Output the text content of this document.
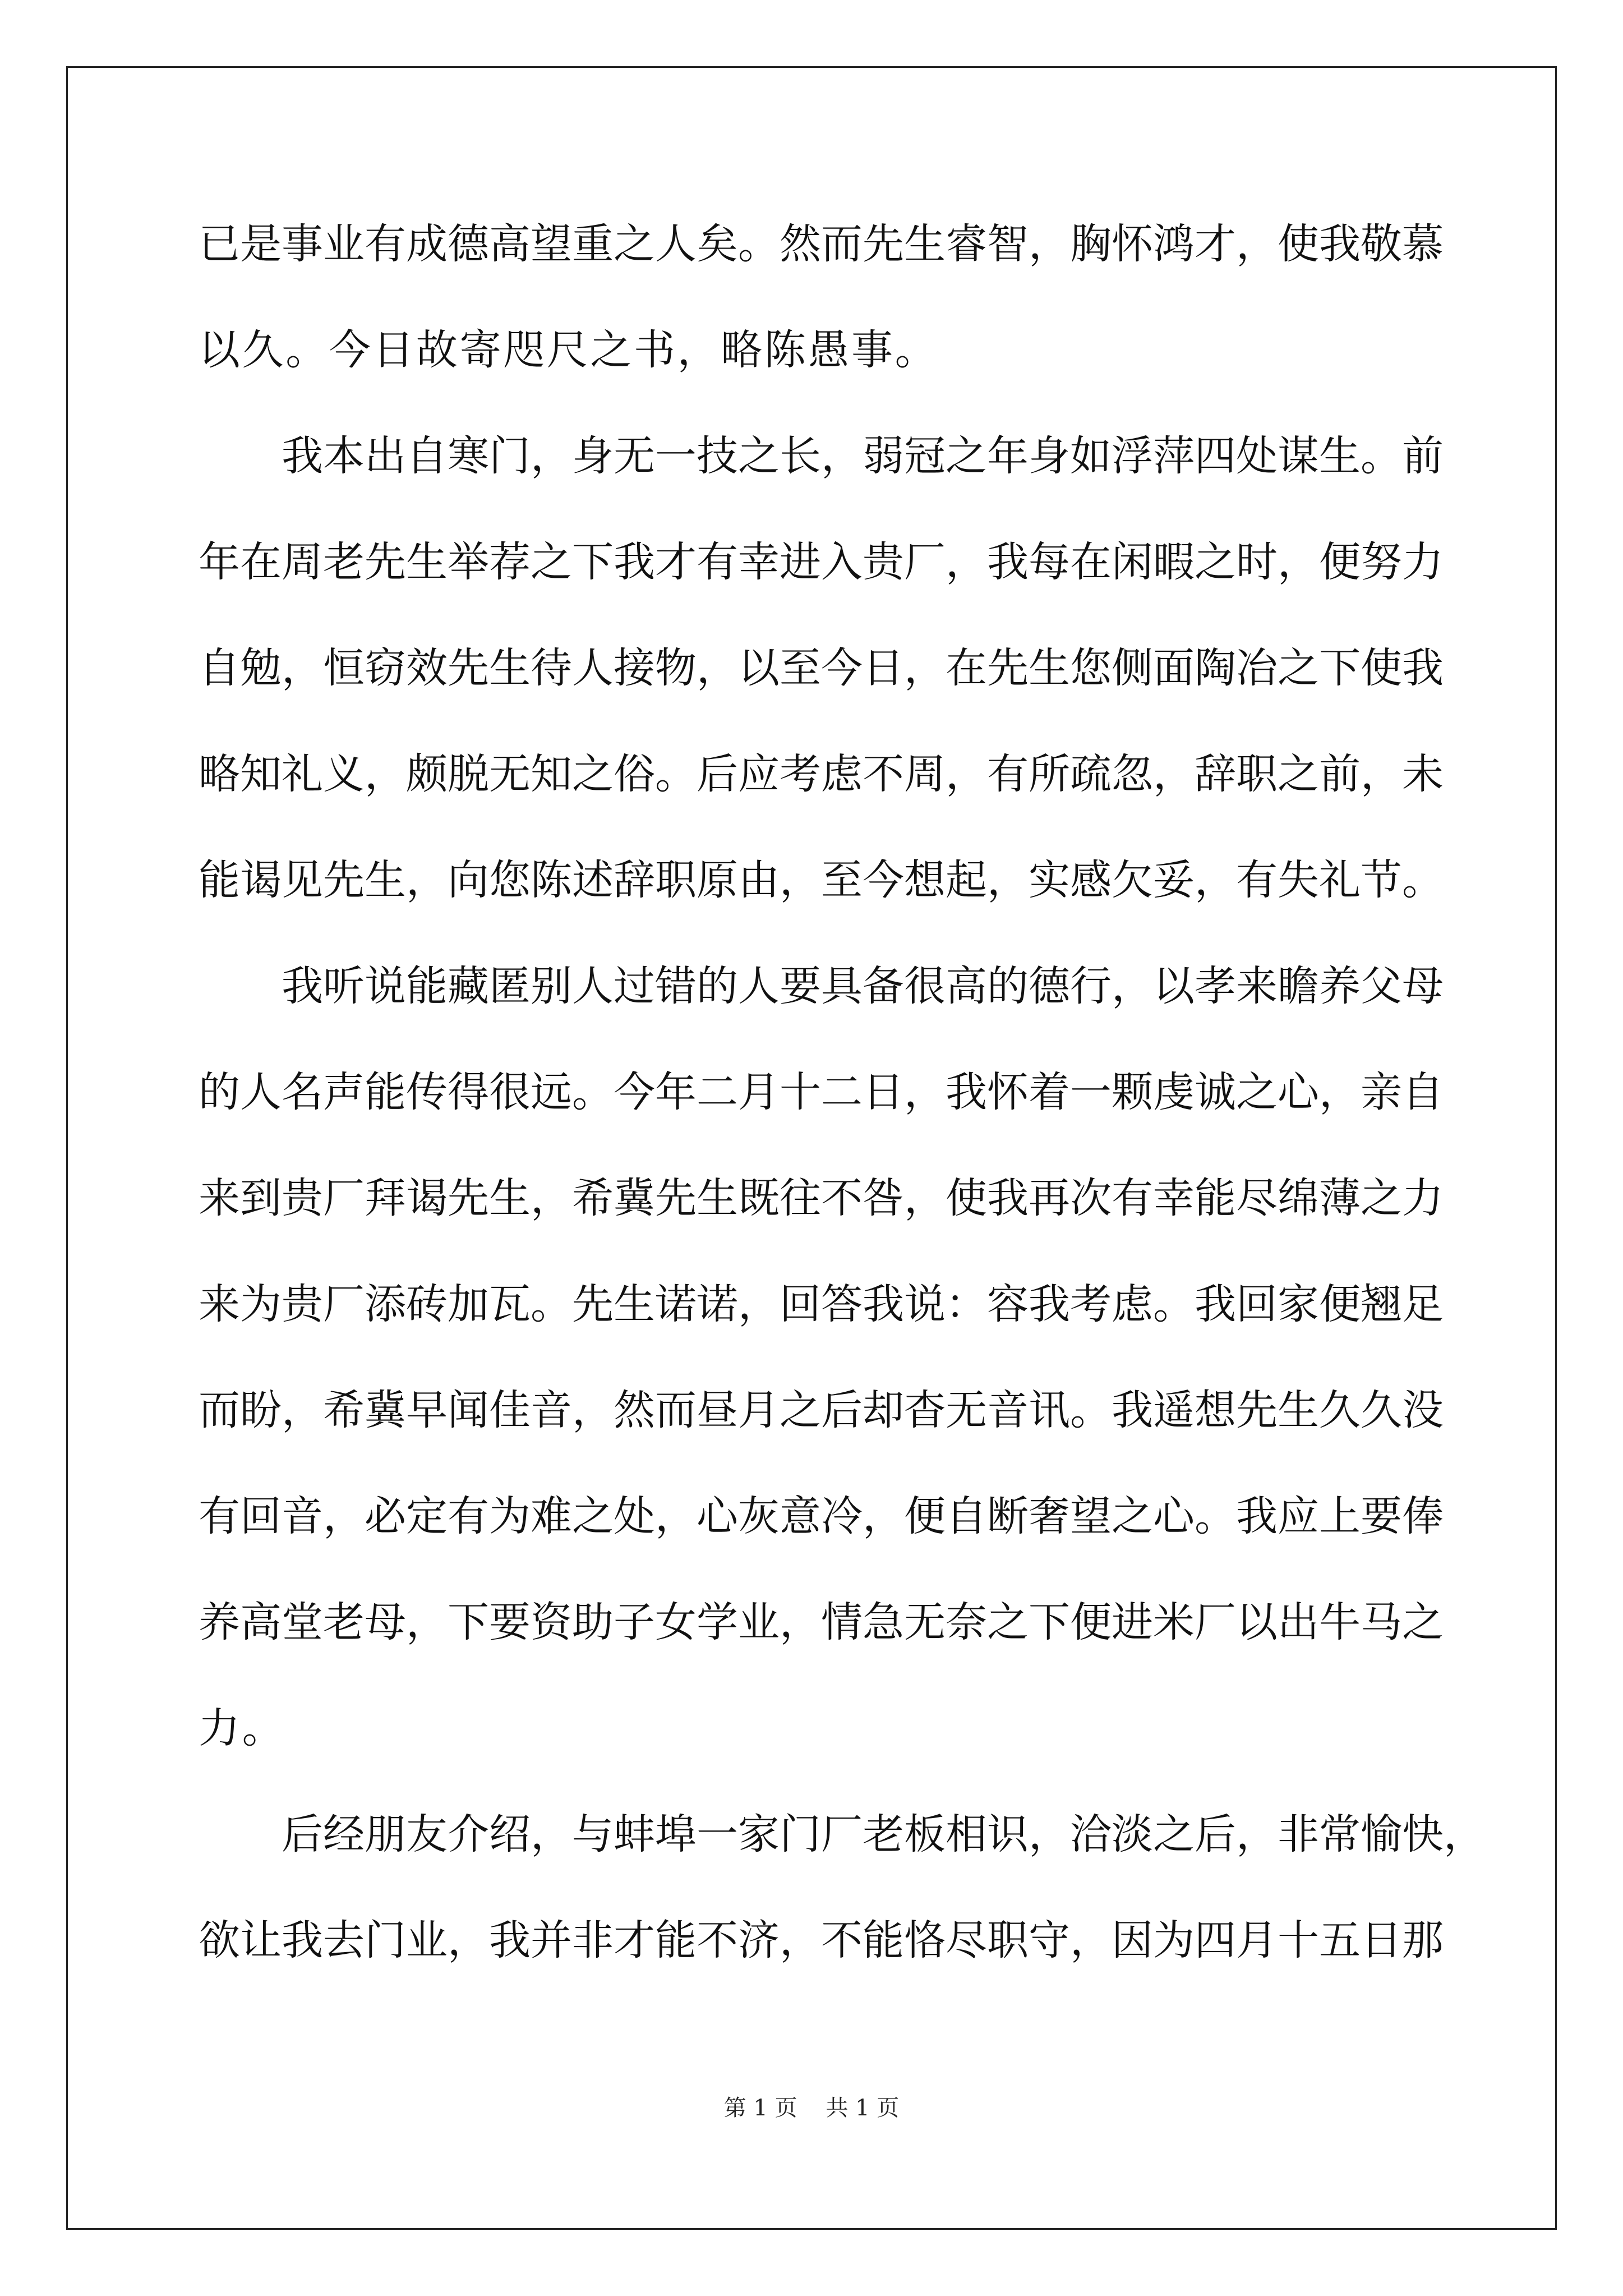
已是事业有成德高望重之人矣。然而先生睿智，胸怀鸿才，使我敬慕
以久。今日故寄咫尺之书，略陈愚事。
我本出自寒门，身无一技之长，弱冠之年身如浮萍四处谋生。前
年在周老先生举荐之下我才有幸进入贵厂，我每在闲暇之时，便努力
自勉，恒窃效先生待人接物，以至今日，在先生您侧面陶冶之下使我
略知礼义，颇脱无知之俗。后应考虑不周，有所疏忽，辞职之前，未
能谒见先生，向您陈述辞职原由，至今想起，实感欠妥，有失礼节。
我听说能藏匿别人过错的人要具备很高的德行，以孝来瞻养父母
的人名声能传得很远。今年二月十二日，我怀着一颗虔诚之心，亲自
来到贵厂拜谒先生，希冀先生既往不咎，使我再次有幸能尽绵薄之力
来为贵厂添砖加瓦。先生诺诺，回答我说：容我考虑。我回家便翘足
而盼，希冀早闻佳音，然而昼月之后却杳无音讯。我遥想先生久久没
有回音，必定有为难之处，心灰意冷，便自断奢望之心。我应上要俸
养高堂老母，下要资助子女学业，情急无奈之下便进米厂以出牛马之
力。
后经朋友介绍，与蚌埠一家门厂老板相识，洽淡之后，非常愉快，
欲让我去门业，我并非才能不济，不能恪尽职守，因为四月十五日那
第 1 页    共 1 页
